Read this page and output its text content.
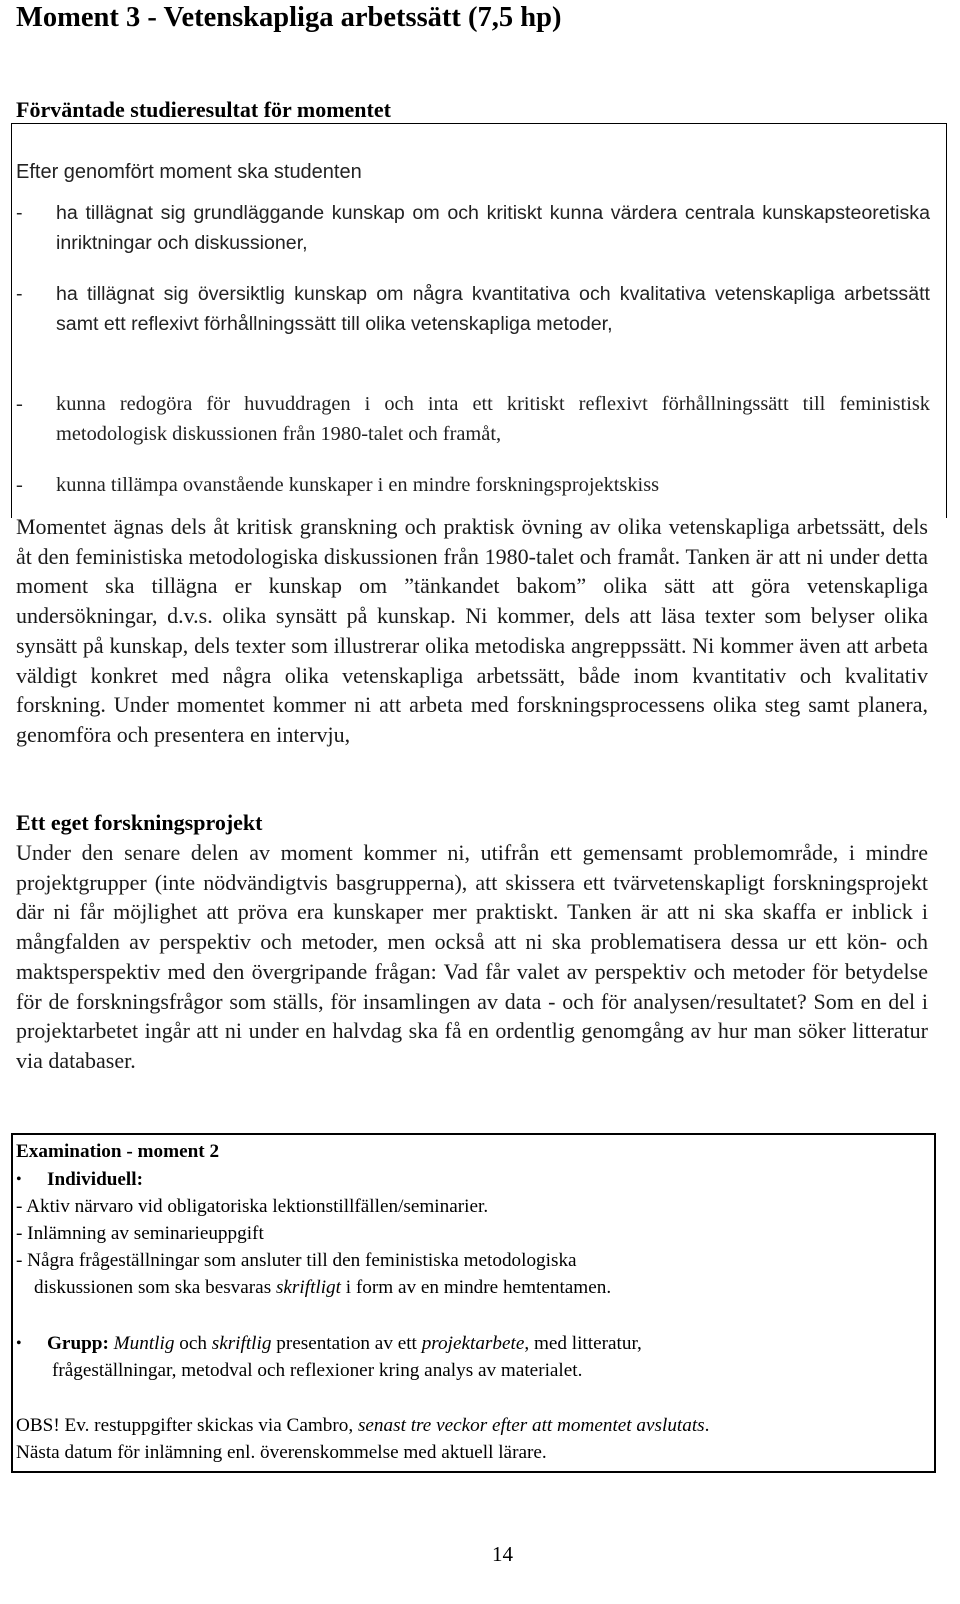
Moment 3 - Vetenskapliga arbetssätt (7,5 hp)
Förväntade studieresultat för momentet
Efter genomfört moment ska studenten
- ha tillägnat sig grundläggande kunskap om och kritiskt kunna värdera centrala kunskapsteoretiska inriktningar och diskussioner,
- ha tillägnat sig översiktlig kunskap om några kvantitativa och kvalitativa vetenskapliga arbetssätt samt ett reflexivt förhållningssätt till olika vetenskapliga metoder,
- kunna redogöra för huvuddragen i och inta ett kritiskt reflexivt förhållningssätt till feministisk metodologisk diskussionen från 1980-talet och framåt,
- kunna tillämpa ovanstående kunskaper i en mindre forskningsprojektskiss

Momentet ägnas dels åt kritisk granskning och praktisk övning av olika vetenskapliga arbetssätt, dels åt den feministiska metodologiska diskussionen från 1980-talet och framåt. Tanken är att ni under detta moment ska tillägna er kunskap om ”tänkandet bakom” olika sätt att göra vetenskapliga undersökningar, d.v.s. olika synsätt på kunskap. Ni kommer, dels att läsa texter som belyser olika synsätt på kunskap, dels texter som illustrerar olika metodiska angreppssätt. Ni kommer även att arbeta väldigt konkret med några olika vetenskapliga arbetssätt, både inom kvantitativ och kvalitativ forskning. Under momentet kommer ni att arbeta med forskningsprocessens olika steg samt planera, genomföra och presentera en intervju,

Ett eget forskningsprojekt

Under den senare delen av moment kommer ni, utifrån ett gemensamt problemområde, i mindre projektgrupper (inte nödvändigtvis basgrupperna), att skissera ett tvärvetenskapligt forskningsprojekt där ni får möjlighet att pröva era kunskaper mer praktiskt. Tanken är att ni ska skaffa er inblick i mångfalden av perspektiv och metoder, men också att ni ska problematisera dessa ur ett kön- och maktsperspektiv med den övergripande frågan: Vad får valet av perspektiv och metoder för betydelse för de forskningsfrågor som ställs, för insamlingen av data - och för analysen/resultatet? Som en del i projektarbetet ingår att ni under en halvdag ska få en ordentlig genomgång av hur man söker litteratur via databaser.

Examination - moment 2
• Individuell:
- Aktiv närvaro vid obligatoriska lektionstillfällen/seminarier.
- Inlämning av seminarieuppgift
- Några frågeställningar som ansluter till den feministiska metodologiska
diskussionen som ska besvaras skriftligt i form av en mindre hemtentamen.
• Grupp: Muntlig och skriftlig presentation av ett projektarbete, med litteratur,
frågeställningar, metodval och reflexioner kring analys av materialet.
OBS! Ev. restuppgifter skickas via Cambro, senast tre veckor efter att momentet avslutats.
Nästa datum för inlämning enl. överenskommelse med aktuell lärare.
14
